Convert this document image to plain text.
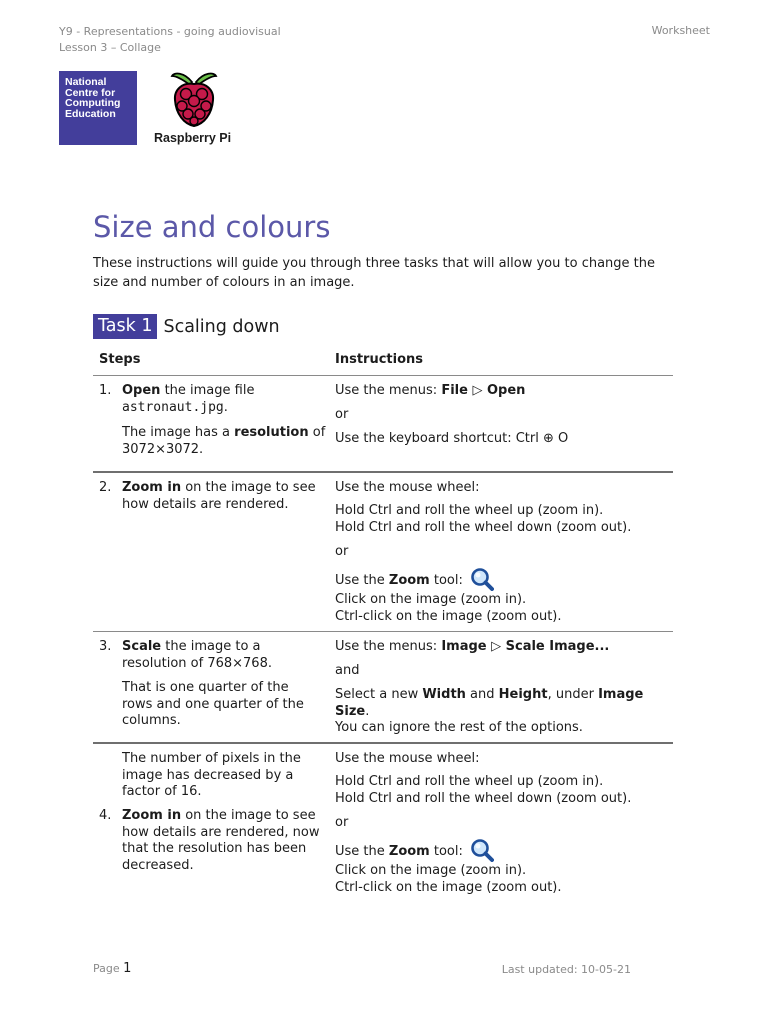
Y9 - Representations - going audiovisual
Lesson 3 – Collage
Worksheet
National
Centre for
Computing
Education
Raspberry Pi
Size and colours

These instructions will guide you through three tasks that will allow you to change the size and number of colours in an image.

Task 1 Scaling down
Steps	Instructions
1. Open the image file
astronaut.jpg.
The image has a resolution of
3072⨯3072.
Use the menus: File ▷ Open
or
Use the keyboard shortcut: Ctrl ⊕ O
2. Zoom in on the image to see
how details are rendered.
Use the mouse wheel:
Hold Ctrl and roll the wheel up (zoom in).
Hold Ctrl and roll the wheel down (zoom out).
or
Use the Zoom tool:
Click on the image (zoom in).
Ctrl-click on the image (zoom out).
3. Scale the image to a
resolution of 768⨯768.
That is one quarter of the
rows and one quarter of the
columns.
Use the menus: Image ▷ Scale Image...
and
Select a new Width and Height, under Image Size.
You can ignore the rest of the options.
The number of pixels in the
image has decreased by a
factor of 16.
4. Zoom in on the image to see
how details are rendered, now
that the resolution has been
decreased.
Use the mouse wheel:
Hold Ctrl and roll the wheel up (zoom in).
Hold Ctrl and roll the wheel down (zoom out).
or
Use the Zoom tool:
Click on the image (zoom in).
Ctrl-click on the image (zoom out).
Page 1	Last updated: 10-05-21
